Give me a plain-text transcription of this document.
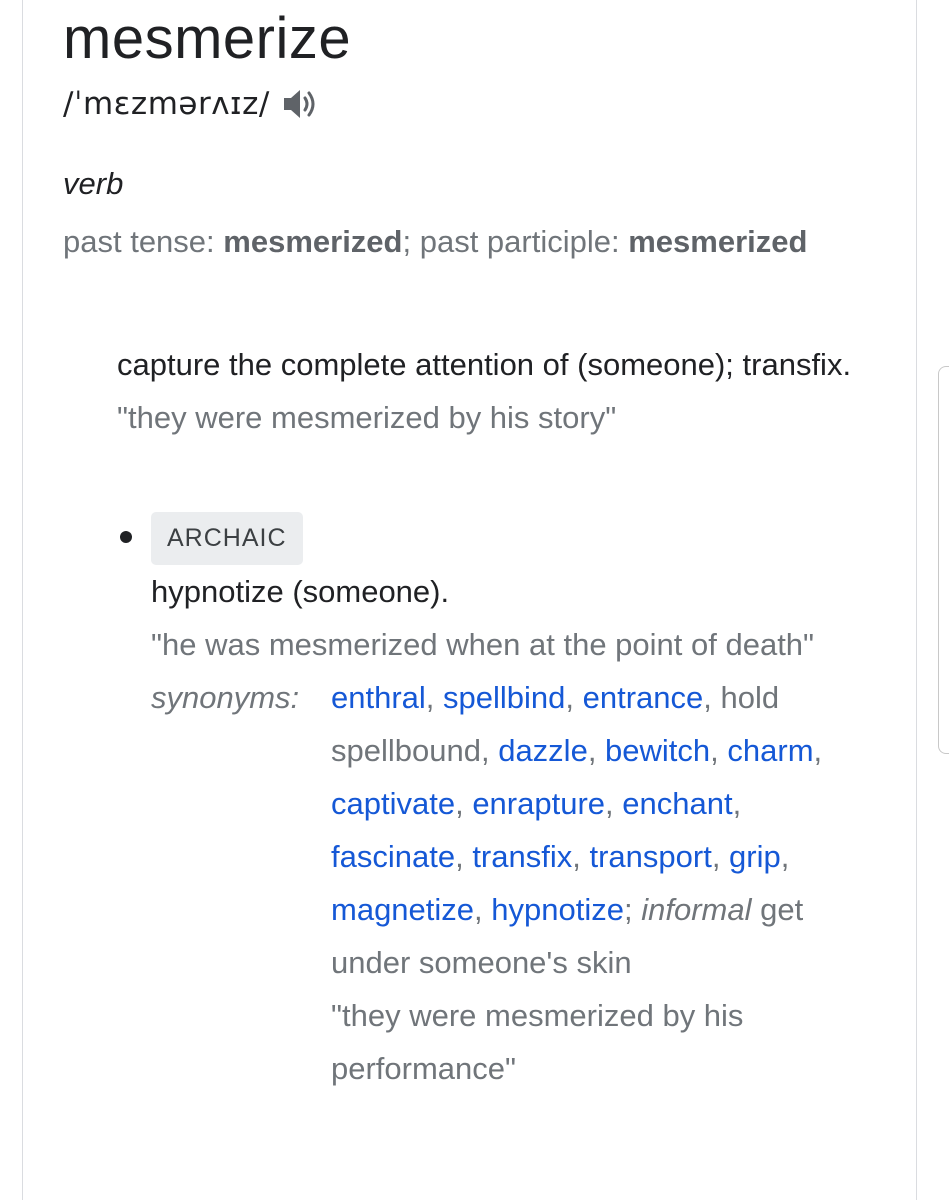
mesmerize
/ˈmɛzmərʌɪz/
verb
past tense: mesmerized; past participle: mesmerized
capture the complete attention of (someone); transfix.
"they were mesmerized by his story"
ARCHAIC
hypnotize (someone).
"he was mesmerized when at the point of death"
synonyms:	enthral, spellbind, entrance, hold spellbound, dazzle, bewitch, charm, captivate, enrapture, enchant, fascinate, transfix, transport, grip, magnetize, hypnotize; informal get under someone's skin
"they were mesmerized by his performance"
